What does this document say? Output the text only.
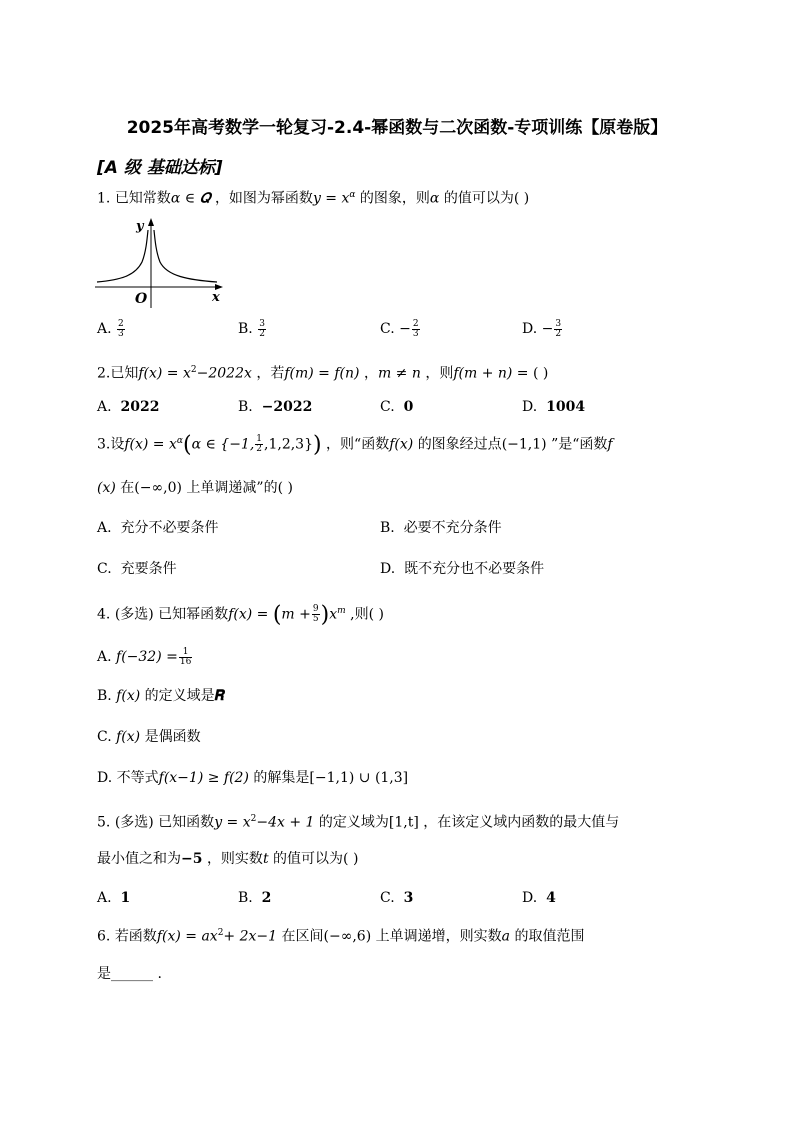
2025年高考数学一轮复习-2.4-幂函数与二次函数-专项训练【原卷版】
[A 级 基础达标]
1. 已知常数α ∈ 𝑸 ，如图为幂函数$y = x^\alpha$ 的图象，则α 的值可以为( )
y
x
O
A. $\frac{2}{3}$	B. $\frac{3}{2}$	C. − $\frac{2}{3}$	D. − $\frac{3}{2}$
2.已知$f(x) = x^2-2022x$ ，若f(m) = f(n) ，m ≠ n ，则f(m + n) = ( )
A. 2022	B. −2022	C. 0	D. 1004
3.设$f(x) = x^\alpha(\alpha$ ∈ {−1, $\frac{1}{2} ,1,2,3$}) ，则“函数f(x) 的图象经过点(−1,1) ”是“函数f
(x) 在(−∞,0) 上单调递减”的( )
A. 充分不必要条件	B. 必要不充分条件
C. 充要条件	D. 既不充分也不必要条件
4. (多选) 已知幂函数$f(x) = (m + \frac{9}{5} )x^m$ ,则( )
A. $f(-32) = \frac{1}{16}$
B. f(x) 的定义域是𝑹
C. f(x) 是偶函数
D. 不等式f(x−1) ≥ f(2) 的解集是[−1,1) ∪ (1,3]
5. (多选) 已知函数$y = x^2-4x + 1$ 的定义域为[1,t] ，在该定义域内函数的最大值与
最小值之和为−5 ，则实数t 的值可以为( )
A. 1	B. 2	C. 3	D. 4
6. 若函数$f(x) = ax^2+ 2x-1$ 在区间(−∞,6) 上单调递增，则实数a 的取值范围
是______ .
